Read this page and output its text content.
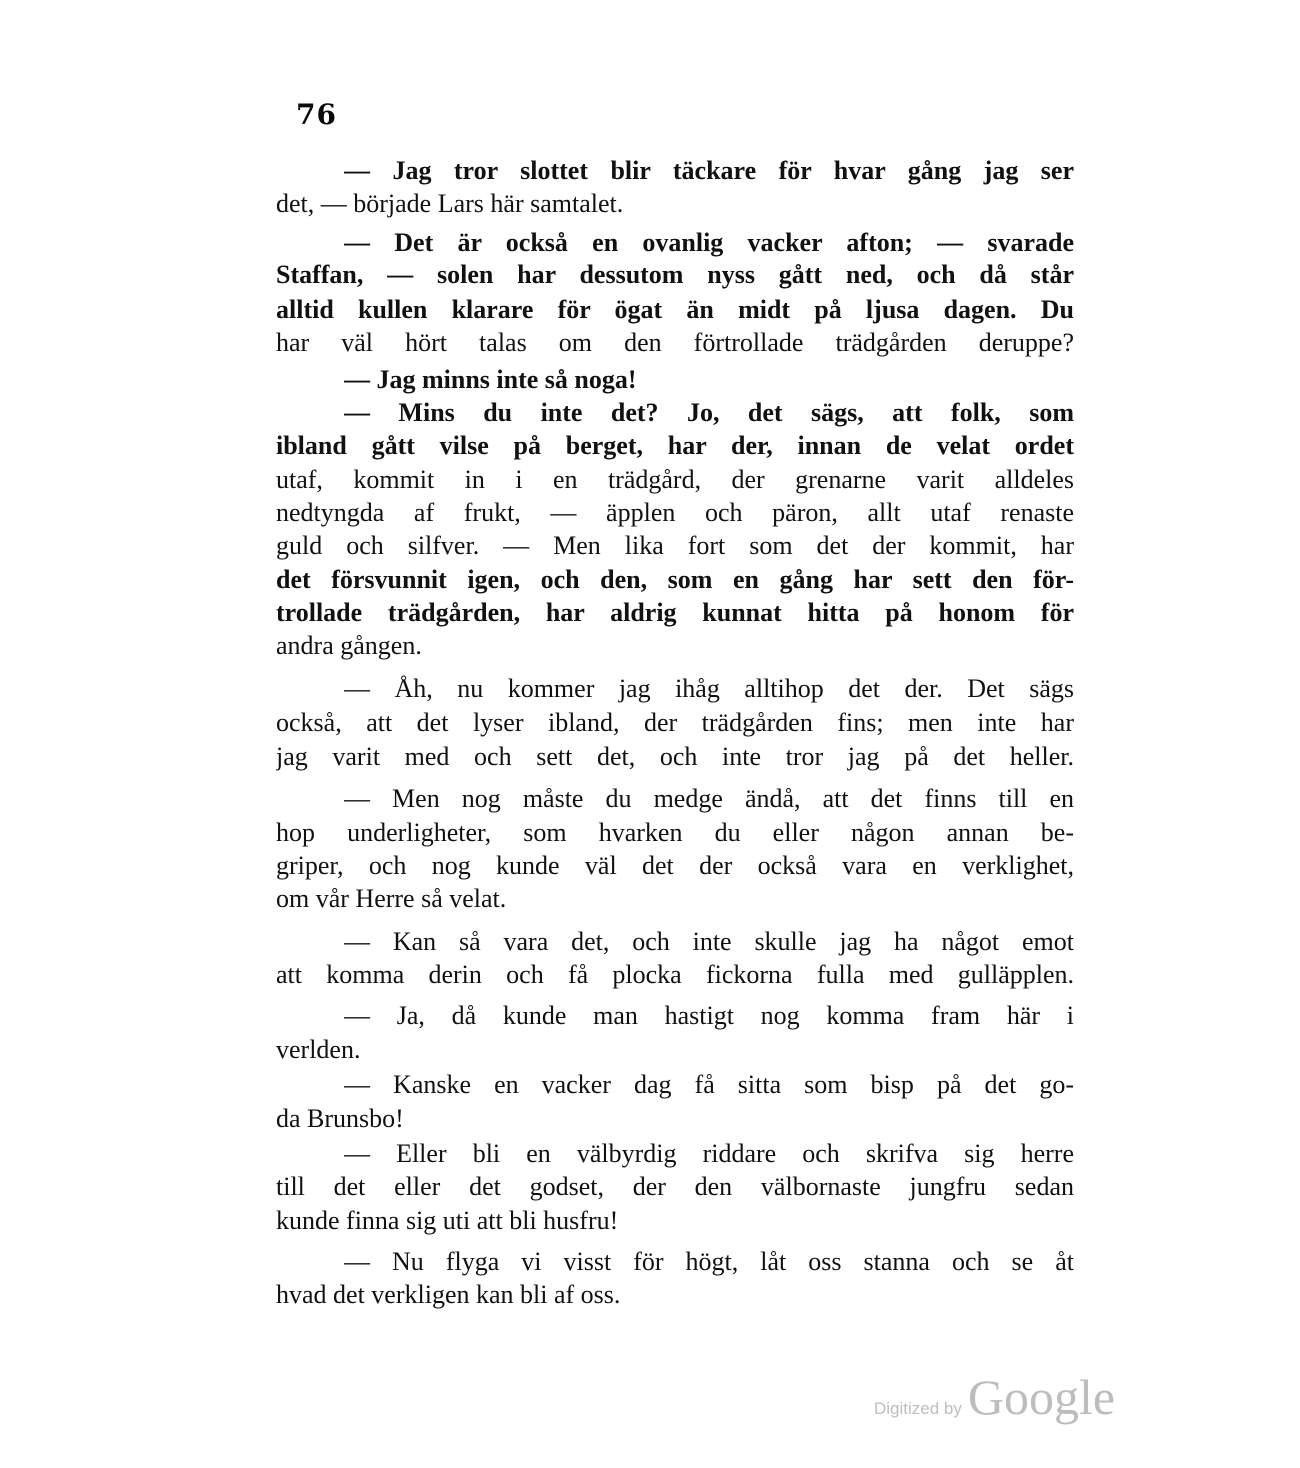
76
— Jag tror slottet blir täckare för hvar gång jag ser
det, — började Lars här samtalet.
— Det är också en ovanlig vacker afton; — svarade
Staffan, — solen har dessutom nyss gått ned, och då står
alltid kullen klarare för ögat än midt på ljusa dagen. Du
har väl hört talas om den förtrollade trädgården deruppe?
— Jag minns inte så noga!
— Mins du inte det? Jo, det sägs, att folk, som
ibland gått vilse på berget, har der, innan de velat ordet
utaf, kommit in i en trädgård, der grenarne varit alldeles
nedtyngda af frukt, — äpplen och päron, allt utaf renaste
guld och silfver. — Men lika fort som det der kommit, har
det försvunnit igen, och den, som en gång har sett den för-
trollade trädgården, har aldrig kunnat hitta på honom för
andra gången.
— Åh, nu kommer jag ihåg alltihop det der. Det sägs
också, att det lyser ibland, der trädgården fins; men inte har
jag varit med och sett det, och inte tror jag på det heller.
— Men nog måste du medge ändå, att det finns till en
hop underligheter, som hvarken du eller någon annan be-
griper, och nog kunde väl det der också vara en verklighet,
om vår Herre så velat.
— Kan så vara det, och inte skulle jag ha något emot
att komma derin och få plocka fickorna fulla med gulläpplen.
— Ja, då kunde man hastigt nog komma fram här i
verlden.
— Kanske en vacker dag få sitta som bisp på det go-
da Brunsbo!
— Eller bli en välbyrdig riddare och skrifva sig herre
till det eller det godset, der den välbornaste jungfru sedan
kunde finna sig uti att bli husfru!
— Nu flyga vi visst för högt, låt oss stanna och se åt
hvad det verkligen kan bli af oss.
Digitized by Google
